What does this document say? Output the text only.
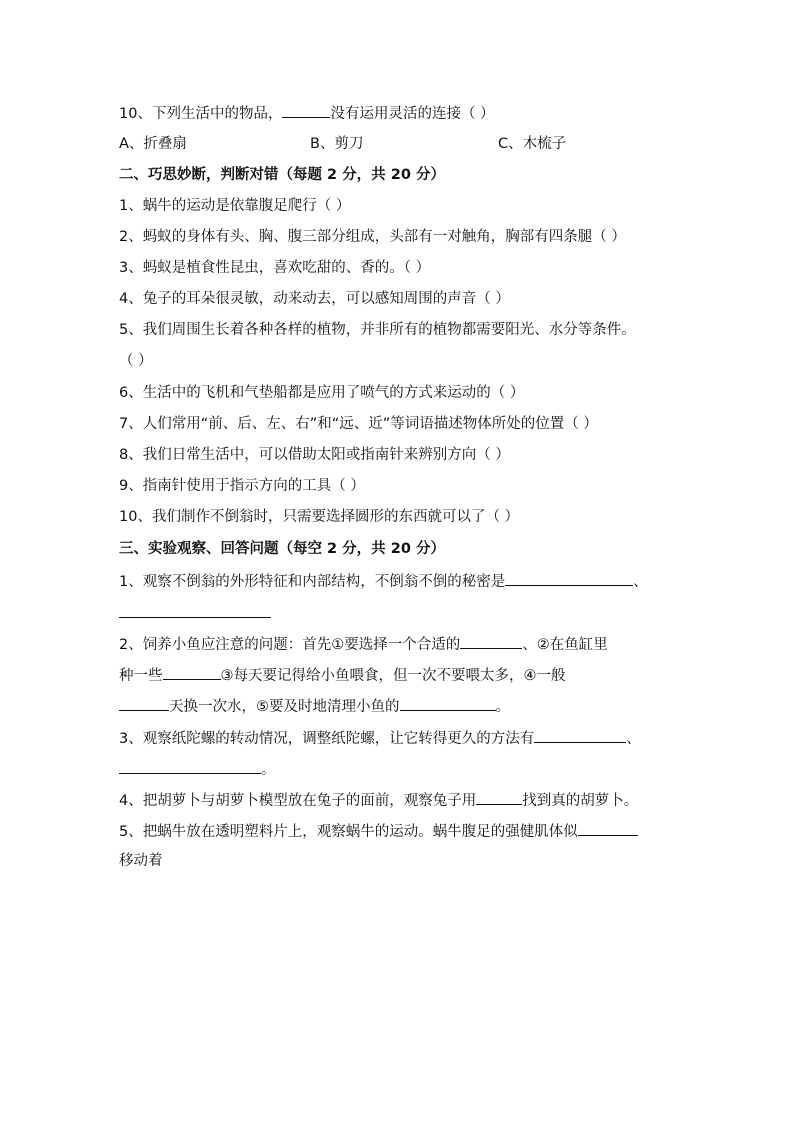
10、下列生活中的物品，	没有运用灵活的连接（ ）
A、折叠扇	B、剪刀	C、木梳子
二、巧思妙断，判断对错（每题 2 分，共 20 分）
1、蜗牛的运动是依靠腹足爬行（ ）
2、蚂蚁的身体有头、胸、腹三部分组成，头部有一对触角，胸部有四条腿（ ）
3、蚂蚁是植食性昆虫，喜欢吃甜的、香的。（ ）
4、兔子的耳朵很灵敏，动来动去，可以感知周围的声音（ ）
5、我们周围生长着各种各样的植物，并非所有的植物都需要阳光、水分等条件。
（ ）
6、生活中的飞机和气垫船都是应用了喷气的方式来运动的（ ）
7、人们常用“前、后、左、右”和“远、近”等词语描述物体所处的位置（ ）
8、我们日常生活中，可以借助太阳或指南针来辨别方向（ ）
9、指南针使用于指示方向的工具（ ）
10、我们制作不倒翁时，只需要选择圆形的东西就可以了（ ）
三、实验观察、回答问题（每空 2 分，共 20 分）
1、观察不倒翁的外形特征和内部结构，不倒翁不倒的秘密是	、
2、饲养小鱼应注意的问题：首先①要选择一个合适的	、②在鱼缸里
种一些	③每天要记得给小鱼喂食，但一次不要喂太多，④一般
天换一次水，⑤要及时地清理小鱼的	。
3、观察纸陀螺的转动情况，调整纸陀螺，让它转得更久的方法有	、
。
4、把胡萝卜与胡萝卜模型放在兔子的面前，观察兔子用	找到真的胡萝卜。
5、把蜗牛放在透明塑料片上，观察蜗牛的运动。蜗牛腹足的强健肌体似
移动着
